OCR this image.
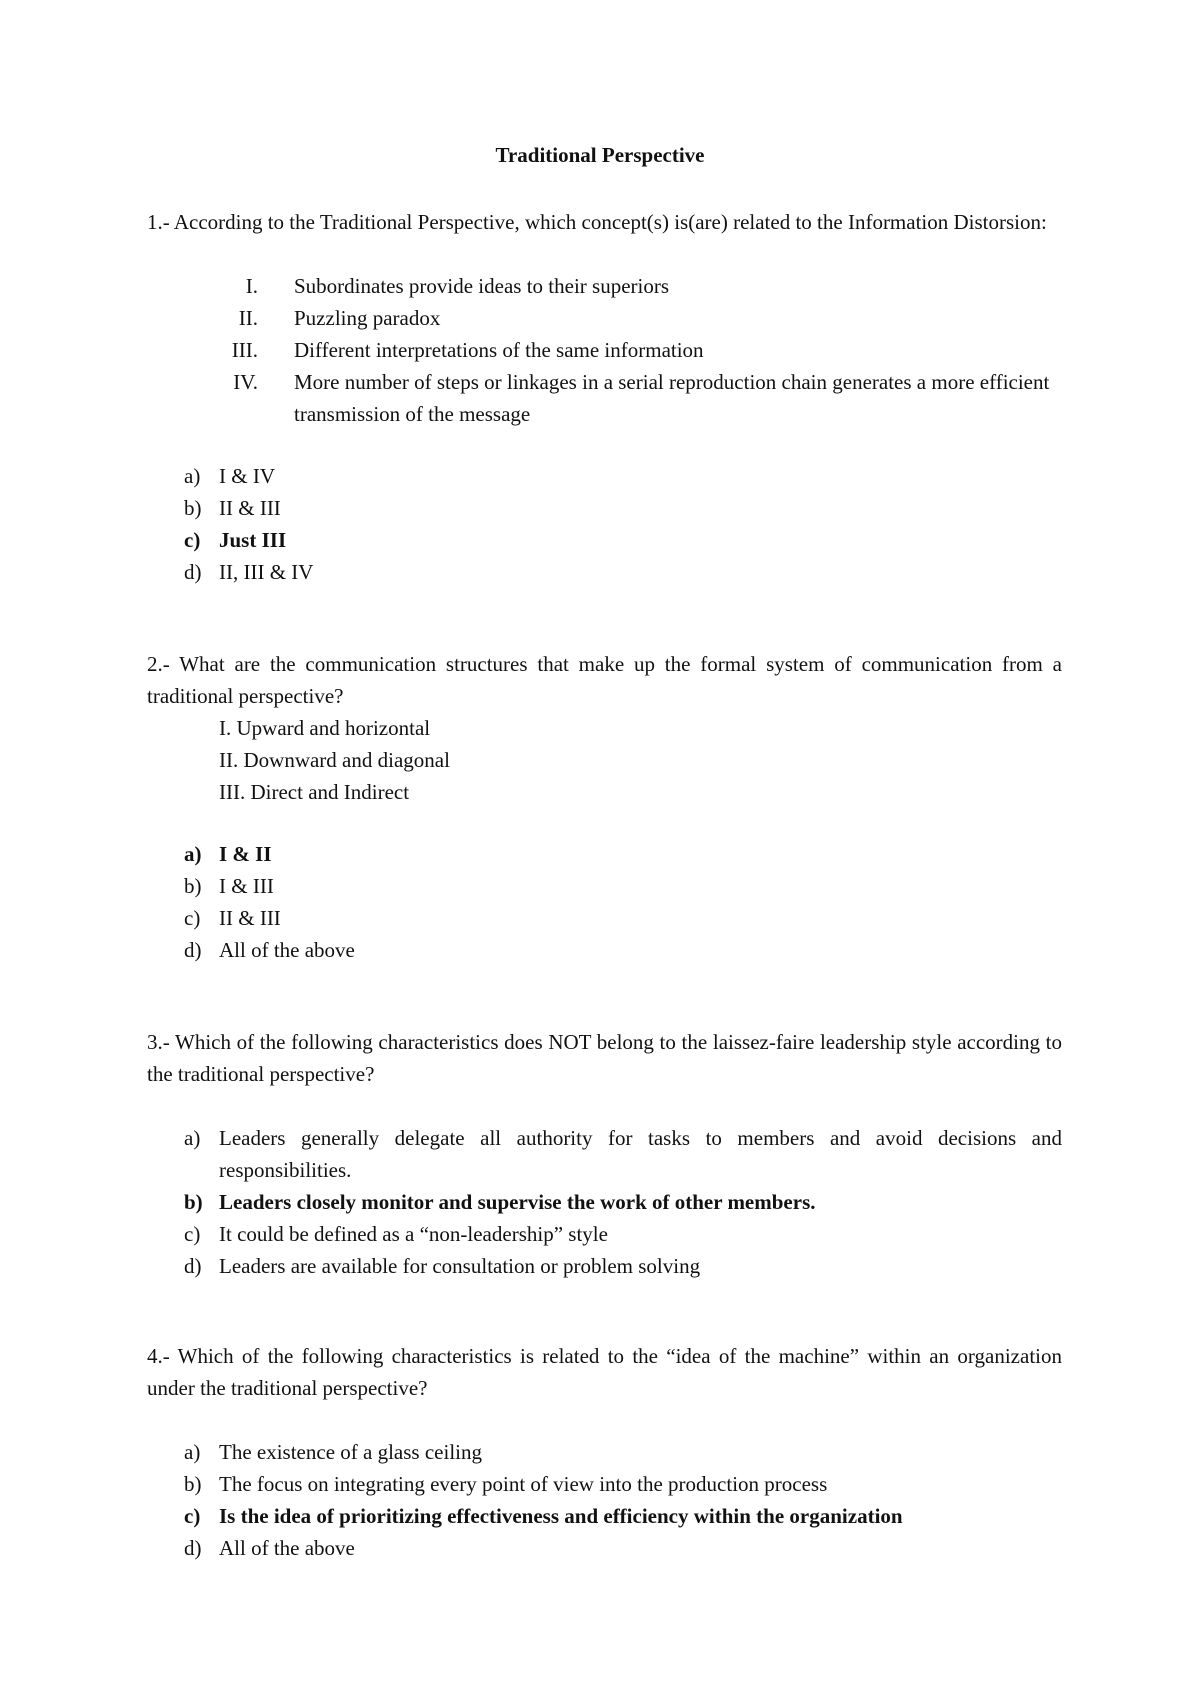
Traditional Perspective
1.- According to the Traditional Perspective, which concept(s) is(are) related to the Information Distorsion:
I. Subordinates provide ideas to their superiors
II. Puzzling paradox
III. Different interpretations of the same information
IV. More number of steps or linkages in a serial reproduction chain generates a more efficient transmission of the message
a) I & IV
b) II & III
c) Just III
d) II, III & IV
2.- What are the communication structures that make up the formal system of communication from a traditional perspective?
I. Upward and horizontal
II. Downward and diagonal
III. Direct and Indirect
a) I & II
b) I & III
c) II & III
d) All of the above
3.- Which of the following characteristics does NOT belong to the laissez-faire leadership style according to the traditional perspective?
a) Leaders generally delegate all authority for tasks to members and avoid decisions and responsibilities.
b) Leaders closely monitor and supervise the work of other members.
c) It could be defined as a “non-leadership” style
d) Leaders are available for consultation or problem solving
4.- Which of the following characteristics is related to the “idea of the machine” within an organization under the traditional perspective?
a) The existence of a glass ceiling
b) The focus on integrating every point of view into the production process
c) Is the idea of prioritizing effectiveness and efficiency within the organization
d) All of the above
